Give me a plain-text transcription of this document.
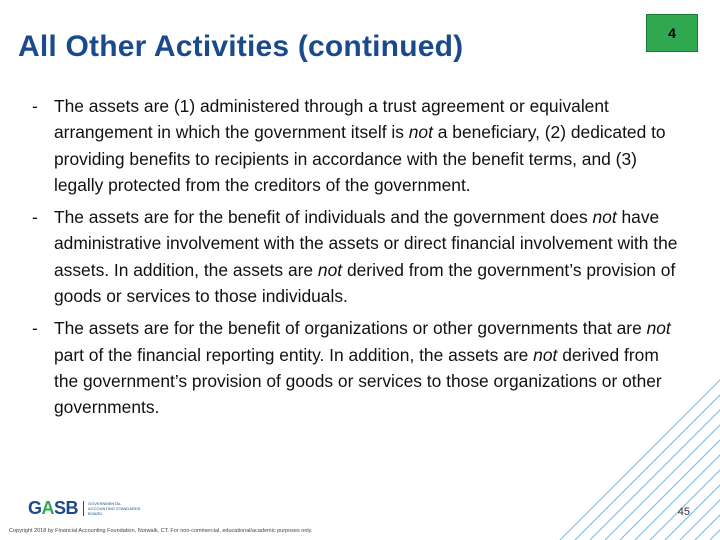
All Other Activities (continued)	4
- The assets are (1) administered through a trust agreement or equivalent arrangement in which the government itself is not a beneficiary, (2) dedicated to providing benefits to recipients in accordance with the benefit terms, and (3) legally protected from the creditors of the government.
- The assets are for the benefit of individuals and the government does not have administrative involvement with the assets or direct financial involvement with the assets. In addition, the assets are not derived from the government’s provision of goods or services to those individuals.
- The assets are for the benefit of organizations or other governments that are not part of the financial reporting entity. In addition, the assets are not derived from the government’s provision of goods or services to those organizations or other governments.
GASB	GOVERNMENTAL ACCOUNTING STANDARDS BOARD	45
Copyright 2018 by Financial Accounting Foundation, Norwalk, CT. For non-commercial, educational/academic purposes only.
